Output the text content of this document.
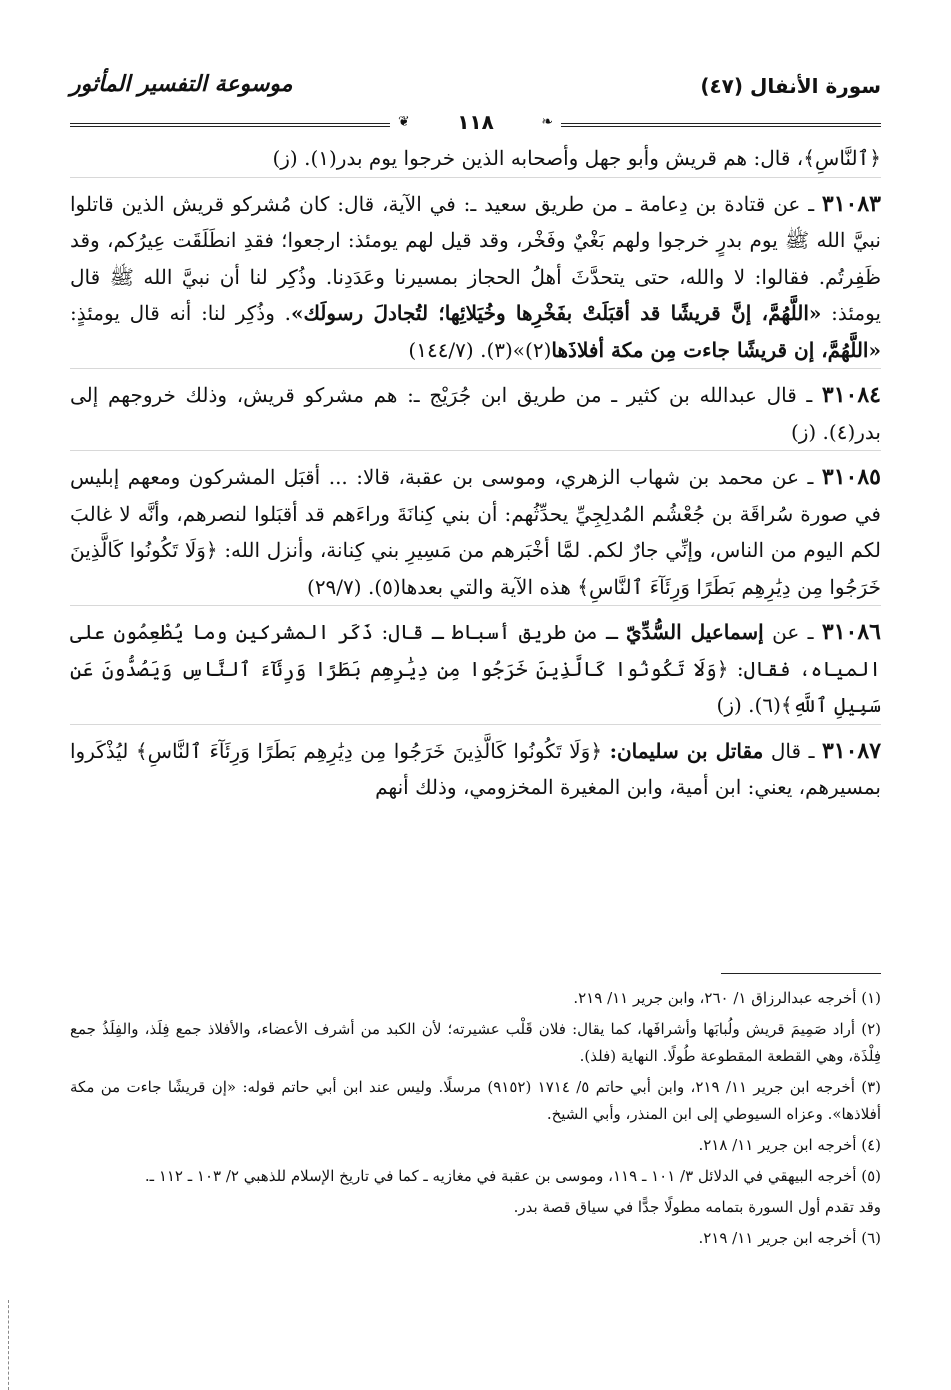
سورة الأنفال (٤٧)
موسوعة التفسير المأثور
❦ ١١٨	❧

﴿ٱلنَّاسِ﴾، قال: هم قريش وأبو جهل وأصحابه الذين خرجوا يوم بدر(١). (ز)

٣١٠٨٣ ـ عن قتادة بن دِعامة ـ من طريق سعيد ـ: في الآية، قال: كان مُشركو قريش الذين قاتلوا نبيَّ الله ﷺ يوم بدرٍ خرجوا ولهم بَغْيٌ وفَخْر، وقد قيل لهم يومئذ: ارجعوا؛ فقدِ انطَلَقَت عِيرُكم، وقد ظَفِرتُم. فقالوا: لا والله، حتى يتحدَّثَ أهلُ الحجاز بمسيرنا وعَدَدِنا. وذُكِر لنا أن نبيَّ الله ﷺ قال يومئذ: «اللَّهُمَّ، إنَّ قريشًا قد أقبَلَتْ بفَخْرِها وخُيَلائِها؛ لتُجادلَ رسولَك». وذُكِر لنا: أنه قال يومئذٍ: «اللَّهُمَّ، إن قريشًا جاءت مِن مكة أفلاذَها(٢)»(٣). (١٤٤/٧)

٣١٠٨٤ ـ قال عبدالله بن كثير ـ من طريق ابن جُرَيْج ـ: هم مشركو قريش، وذلك خروجهم إلى بدر(٤). (ز)

٣١٠٨٥ ـ عن محمد بن شهاب الزهري، وموسى بن عقبة، قالا: ... أقبَل المشركون ومعهم إبليس في صورة سُراقَة بن جُعْشُم المُدلِجِيِّ يحدِّثُهم: أن بني كِنانَةَ وراءَهم قد أقبَلوا لنصرهم، وأنَّه لا غالبَ لكم اليوم من الناس، وإنِّي جارٌ لكم. لمَّا أخْبَرهم من مَسِيرِ بني كِنانة، وأنزل الله: ﴿وَلَا تَكُونُوا كَالَّذِينَ خَرَجُوا مِن دِيَٰرِهِم بَطَرًا وَرِئَآءَ ٱلنَّاسِ﴾ هذه الآية والتي بعدها(٥). (٢٩/٧)

٣١٠٨٦ ـ عن إسماعيل السُّدِّيّ ـ من طريق أسباط ـ قال: ذَكَر المشركين وما يُطْعِمُون على المياه، فقال: ﴿وَلَا تَكُونُوا كَالَّذِينَ خَرَجُوا مِن دِيَٰرِهِم بَطَرًا وَرِئَآءَ ٱلنَّاسِ وَيَصُدُّونَ عَن سَبِيلِ ٱللَّهِ﴾(٦). (ز)

٣١٠٨٧ ـ قال مقاتل بن سليمان: ﴿وَلَا تَكُونُوا كَالَّذِينَ خَرَجُوا مِن دِيَٰرِهِم بَطَرًا وَرِئَآءَ ٱلنَّاسِ﴾ ليُذْكَروا بمسيرهم، يعني: ابن أمية، وابن المغيرة المخزومي، وذلك أنهم

(١) أخرجه عبدالرزاق ١/ ٢٦٠، وابن جرير ١١/ ٢١٩.

(٢) أراد صَمِيمَ قريش ولُبابَها وأشرافَها، كما يقال: فلان قَلْب عشيرته؛ لأن الكبد من أشرف الأعضاء، والأفلاذ جمع فِلَذ، والفِلَذُ جمع فِلْذَة، وهي القطعة المقطوعة طُولًا. النهاية (فلذ).

(٣) أخرجه ابن جرير ١١/ ٢١٩، وابن أبي حاتم ٥/ ١٧١٤ (٩١٥٢) مرسلًا. وليس عند ابن أبي حاتم قوله: «إن قريشًا جاءت من مكة أفلاذها». وعزاه السيوطي إلى ابن المنذر، وأبي الشيخ.

(٤) أخرجه ابن جرير ١١/ ٢١٨.

(٥) أخرجه البيهقي في الدلائل ٣/ ١٠١ ـ ١١٩، وموسى بن عقبة في مغازيه ـ كما في تاريخ الإسلام للذهبي ٢/ ١٠٣ ـ ١١٢ ـ.

وقد تقدم أول السورة بتمامه مطولًا جدًّا في سياق قصة بدر.

(٦) أخرجه ابن جرير ١١/ ٢١٩.
